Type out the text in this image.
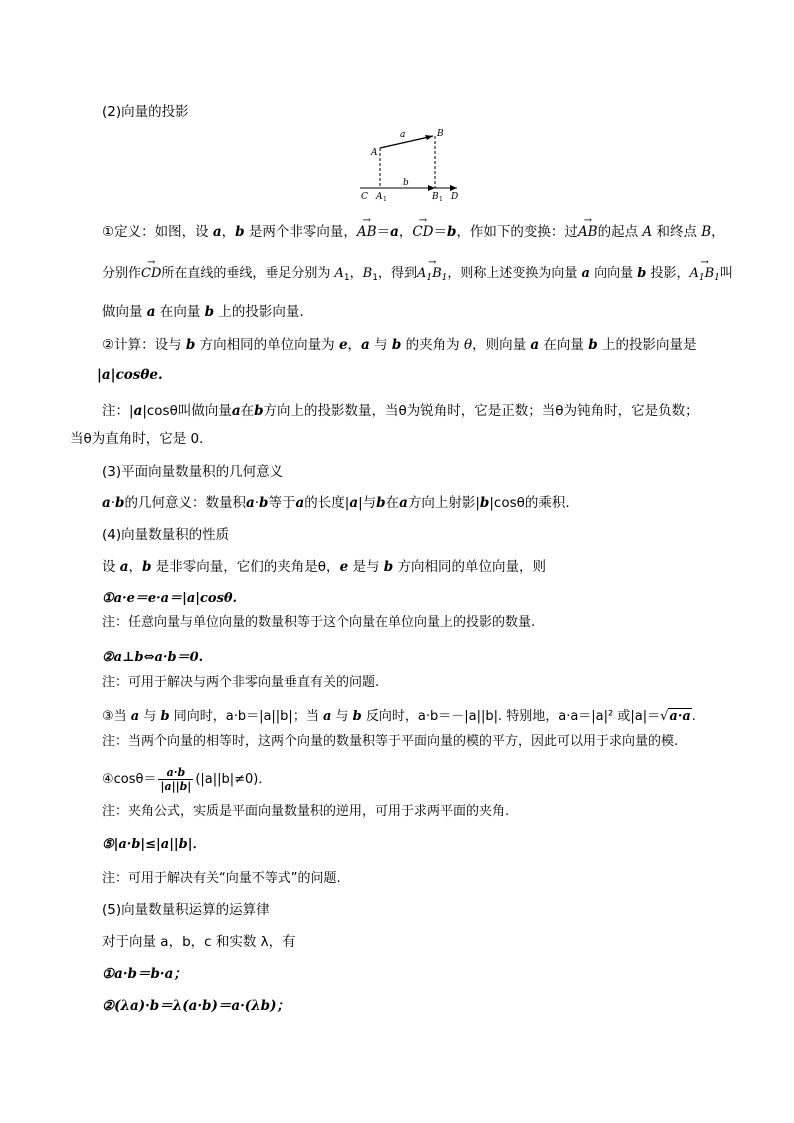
(2)向量的投影
a	B
A
C A 1
b
B 1 D
①定义：如图，设 a，b 是两个非零向量，→ AB＝a，→ CD＝b，作如下的变换：过→ AB的起点 A 和终点 B，
分别作→ CD所在直线的垂线，垂足分别为 $A_1$，$B_1$，得到→ $A_1B_1$，则称上述变换为向量 a 向向量 b 投影，→ $A_1B_1$叫
做向量 a 在向量 b 上的投影向量.
②计算：设与 b 方向相同的单位向量为 e，a 与 b 的夹角为 θ，则向量 a 在向量 b 上的投影向量是
|a|cosθe.
注：|a|cosθ叫做向量a在b方向上的投影数量，当θ为锐角时，它是正数；当θ为钝角时，它是负数；
当θ为直角时，它是 0．
(3)平面向量数量积的几何意义
a·b的几何意义：数量积a·b等于a的长度|a|与b在a方向上射影|b|cosθ的乘积．
(4)向量数量积的性质
设 a，b 是非零向量，它们的夹角是θ，e 是与 b 方向相同的单位向量，则
①a·e＝e·a＝|a|cosθ.
注：任意向量与单位向量的数量积等于这个向量在单位向量上的投影的数量.
②a⊥b⇔a·b＝0.
注：可用于解决与两个非零向量垂直有关的问题.
③当 a 与 b 同向时，a·b＝|a||b|；当 a 与 b 反向时，a·b＝－|a||b|. 特别地，a·a＝|a|² 或|a|＝√a·a.
注：当两个向量的相等时，这两个向量的数量积等于平面向量的模的平方，因此可以用于求向量的模.
④cosθ＝ $\frac{a\cdot b}{|a||b|} (|a||b|\ne 0)$．
注：夹角公式，实质是平面向量数量积的逆用，可用于求两平面的夹角.
⑤|a·b|≤|a||b|．
注：可用于解决有关“向量不等式”的问题.
(5)向量数量积运算的运算律
对于向量 a，b，c 和实数 λ，有
①a·b＝b·a；
②(λa)·b＝λ(a·b)＝a·(λb)；
